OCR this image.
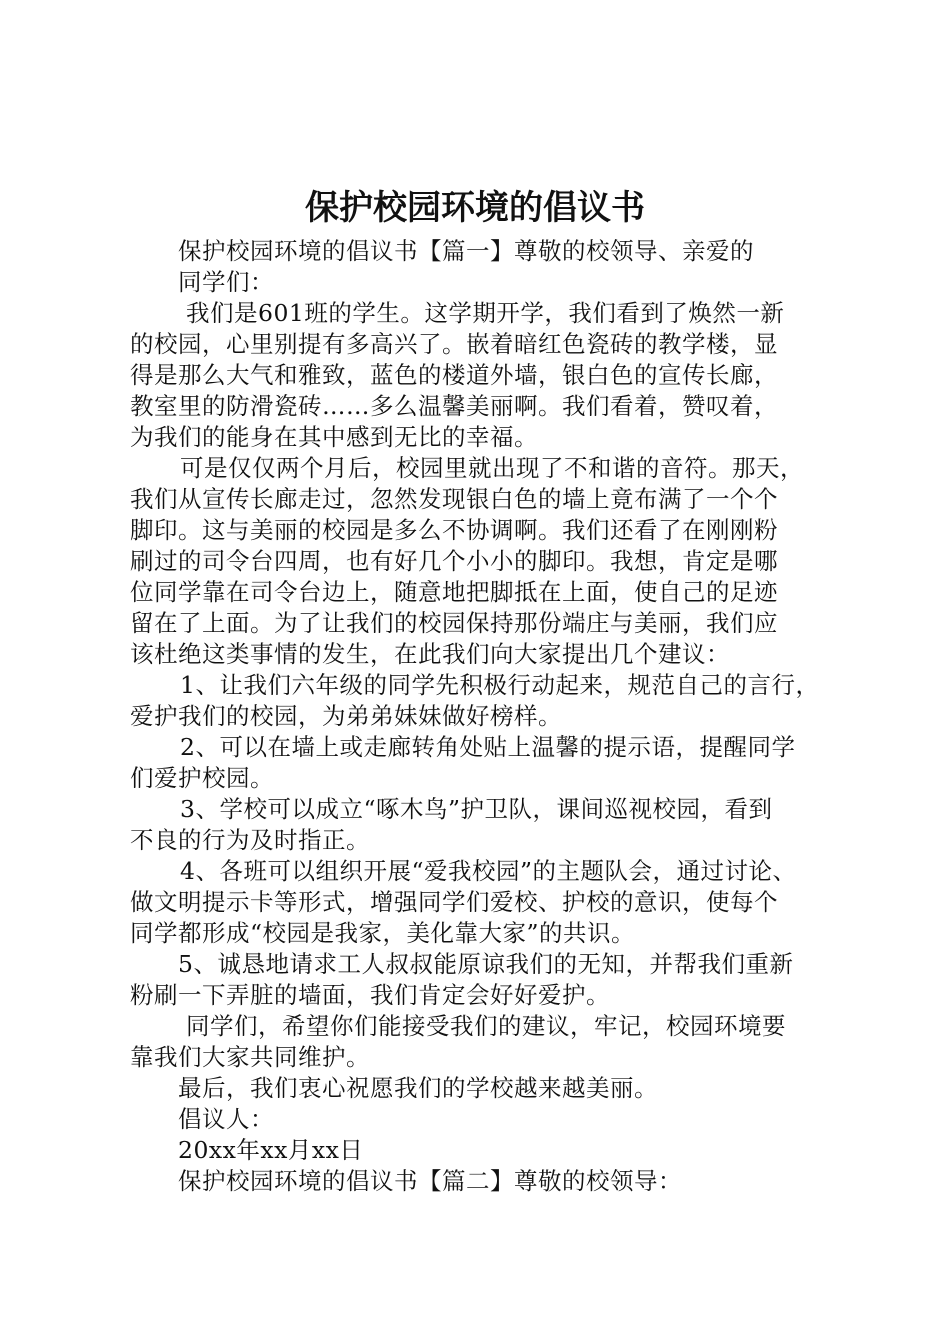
保护校园环境的倡议书
保护校园环境的倡议书【篇一】尊敬的校领导、亲爱的
同学们：
我们是601班的学生。这学期开学，我们看到了焕然一新
的校园，心里别提有多高兴了。嵌着暗红色瓷砖的教学楼，显
得是那么大气和雅致，蓝色的楼道外墙，银白色的宣传长廊，
教室里的防滑瓷砖……多么温馨美丽啊。我们看着，赞叹着，
为我们的能身在其中感到无比的幸福。
可是仅仅两个月后，校园里就出现了不和谐的音符。那天，
我们从宣传长廊走过，忽然发现银白色的墙上竟布满了一个个
脚印。这与美丽的校园是多么不协调啊。我们还看了在刚刚粉
刷过的司令台四周，也有好几个小小的脚印。我想，肯定是哪
位同学靠在司令台边上，随意地把脚抵在上面，使自己的足迹
留在了上面。为了让我们的校园保持那份端庄与美丽，我们应
该杜绝这类事情的发生，在此我们向大家提出几个建议：
1、让我们六年级的同学先积极行动起来，规范自己的言行，
爱护我们的校园，为弟弟妹妹做好榜样。
2、可以在墙上或走廊转角处贴上温馨的提示语，提醒同学
们爱护校园。
3、学校可以成立“啄木鸟”护卫队，课间巡视校园，看到
不良的行为及时指正。
4、各班可以组织开展“爱我校园”的主题队会，通过讨论、
做文明提示卡等形式，增强同学们爱校、护校的意识，使每个
同学都形成“校园是我家，美化靠大家”的共识。
5、诚恳地请求工人叔叔能原谅我们的无知，并帮我们重新
粉刷一下弄脏的墙面，我们肯定会好好爱护。
同学们，希望你们能接受我们的建议，牢记，校园环境要
靠我们大家共同维护。
最后，我们衷心祝愿我们的学校越来越美丽。
倡议人：
20xx年xx月xx日
保护校园环境的倡议书【篇二】尊敬的校领导：
